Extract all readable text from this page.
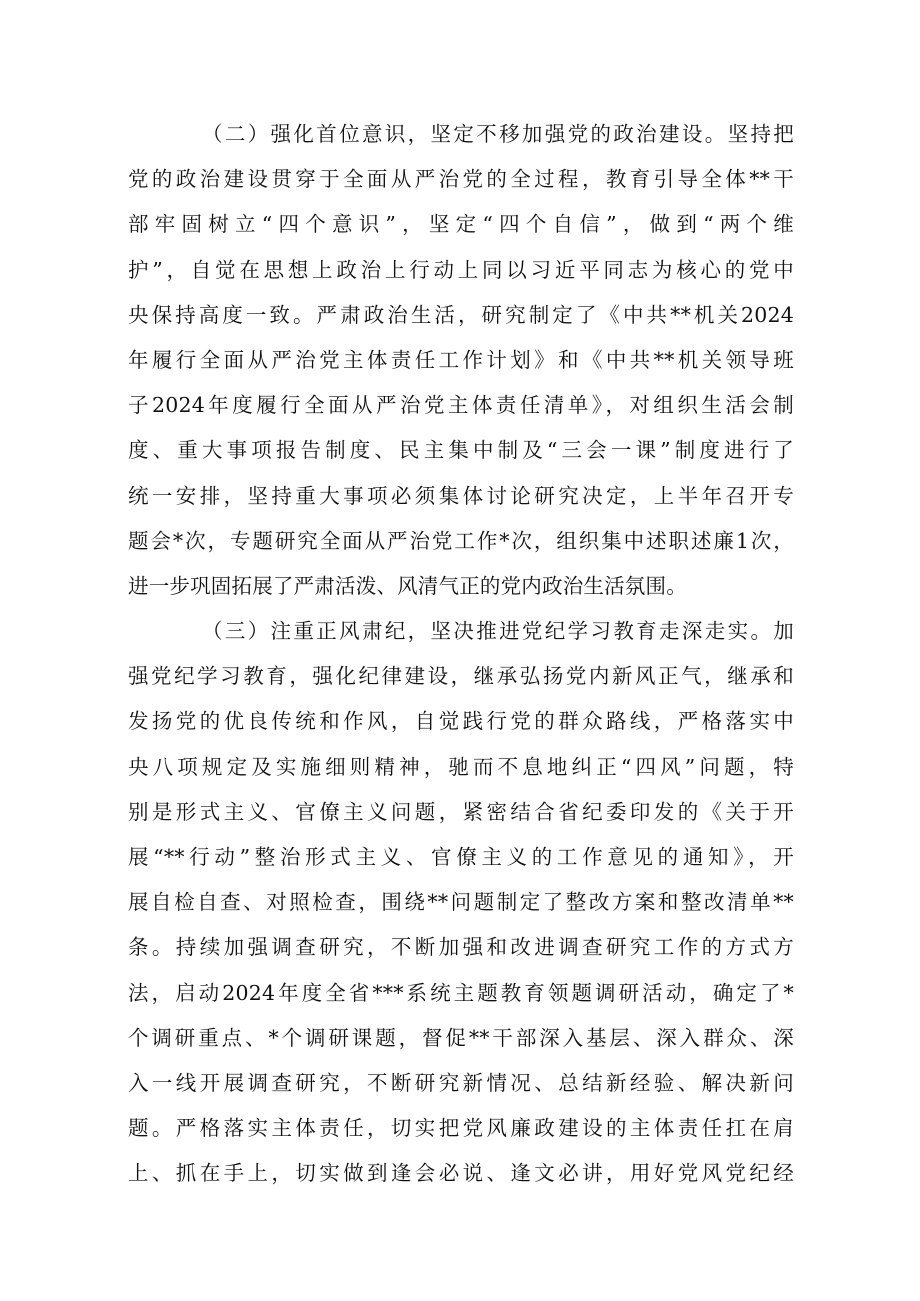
（二）强化首位意识，坚定不移加强党的政治建设。坚持把
党的政治建设贯穿于全面从严治党的全过程，教育引导全体**干
部牢固树立“四个意识”，坚定“四个自信”，做到“两个维
护”，自觉在思想上政治上行动上同以习近平同志为核心的党中
央保持高度一致。严肃政治生活，研究制定了《中共**机关2024
年履行全面从严治党主体责任工作计划》和《中共**机关领导班
子2024年度履行全面从严治党主体责任清单》，对组织生活会制
度、重大事项报告制度、民主集中制及“三会一课”制度进行了
统一安排，坚持重大事项必须集体讨论研究决定，上半年召开专
题会*次，专题研究全面从严治党工作*次，组织集中述职述廉1次，
进一步巩固拓展了严肃活泼、风清气正的党内政治生活氛围。
（三）注重正风肃纪，坚决推进党纪学习教育走深走实。加
强党纪学习教育，强化纪律建设，继承弘扬党内新风正气，继承和
发扬党的优良传统和作风，自觉践行党的群众路线，严格落实中
央八项规定及实施细则精神，驰而不息地纠正“四风”问题，特
别是形式主义、官僚主义问题，紧密结合省纪委印发的《关于开
展“**行动”整治形式主义、官僚主义的工作意见的通知》，开
展自检自查、对照检查，围绕**问题制定了整改方案和整改清单**
条。持续加强调查研究，不断加强和改进调查研究工作的方式方
法，启动2024年度全省***系统主题教育领题调研活动，确定了*
个调研重点、*个调研课题，督促**干部深入基层、深入群众、深
入一线开展调查研究，不断研究新情况、总结新经验、解决新问
题。严格落实主体责任，切实把党风廉政建设的主体责任扛在肩
上、抓在手上，切实做到逢会必说、逢文必讲，用好党风党纪经
